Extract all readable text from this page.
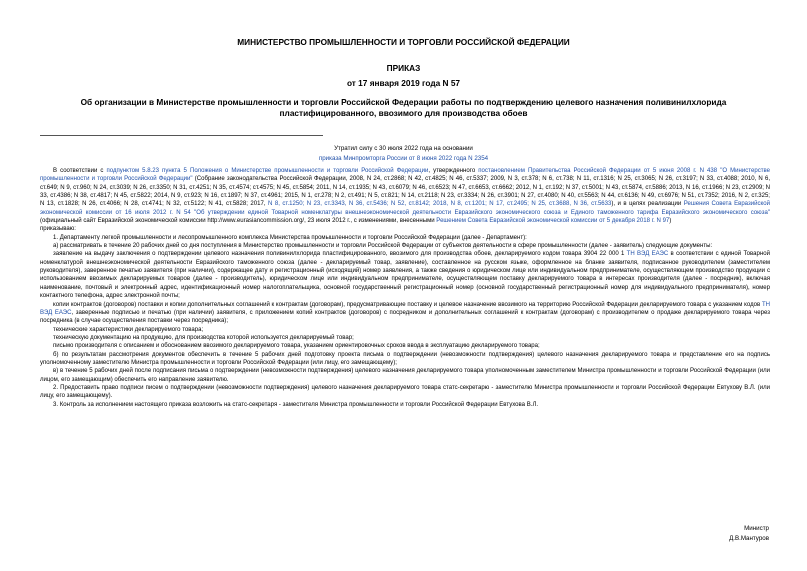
МИНИСТЕРСТВО ПРОМЫШЛЕННОСТИ И ТОРГОВЛИ РОССИЙСКОЙ ФЕДЕРАЦИИ
ПРИКАЗ
от 17 января 2019 года N 57
Об организации в Министерстве промышленности и торговли Российской Федерации работы по подтверждению целевого назначения поливинилхлорида пластифицированного, ввозимого для производства обоев
Утратил силу с 30 июля 2022 года на основании
приказа Минпромторга России от 8 июня 2022 года N 2354

В соответствии с подпунктом 5.8.23 пункта 5 Положения о Министерстве промышленности и торговли Российской Федерации, утвержденного постановлением Правительства Российской Федерации от 5 июня 2008 г. N 438 "О Министерстве промышленности и торговли Российской Федерации" (Собрание законодательства Российской Федерации, 2008, N 24, ст.2868; N 42, ст.4825; N 46, ст.5337; 2009, N 3, ст.378; N 6, ст.738; N 11, ст.1316; N 25, ст.3065; N 26, ст.3197; N 33, ст.4088; 2010, N 6, ст.649; N 9, ст.960; N 24, ст.3039; N 26, ст.3350; N 31, ст.4251; N 35, ст.4574; ст.4575; N 45, ст.5854; 2011, N 14, ст.1935; N 43, ст.6079; N 46, ст.6523; N 47, ст.6653, ст.6662; 2012, N 1, ст.192; N 37, ст.5001; N 43, ст.5874, ст.5886; 2013, N 16, ст.1966; N 23, ст.2909; N 33, ст.4386; N 38, ст.4817; N 45, ст.5822; 2014, N 9, ст.923; N 16, ст.1897; N 37, ст.4961; 2015, N 1, ст.278; N 2, ст.491; N 5, ст.821; N 14, ст.2118; N 23, ст.3334; N 26, ст.3901; N 27, ст.4080; N 40, ст.5563; N 44, ст.6136; N 49, ст.6976; N 51, ст.7352; 2016, N 2, ст.325; N 13, ст.1828; N 26, ст.4066; N 28, ст.4741; N 32, ст.5122; N 41, ст.5828; 2017, N 8, ст.1250; N 23, ст.3343, N 36, ст.5436; N 52, ст.8142; 2018, N 8, ст.1201; N 17, ст.2495; N 25, ст.3688, N 36, ст.5633), и в целях реализации Решения Совета Евразийской экономической комиссии от 16 июля 2012 г. N 54 "Об утверждении единой Товарной номенклатуры внешнеэкономической деятельности Евразийского экономического союза и Единого таможенного тарифа Евразийского экономического союза" (официальный сайт Евразийской экономической комиссии http://www.eurasiancommission.org/, 23 июля 2012 г., с изменениями, внесенными Решением Совета Евразийской экономической комиссии от 5 декабря 2018 г. N 97)

приказываю:

1. Департаменту легкой промышленности и лесопромышленного комплекса Министерства промышленности и торговли Российской Федерации (далее - Департамент):

а) рассматривать в течение 20 рабочих дней со дня поступления в Министерство промышленности и торговли Российской Федерации от субъектов деятельности в сфере промышленности (далее - заявитель) следующие документы:

заявление на выдачу заключения о подтверждении целевого назначения поливинилхлорида пластифицированного, ввозимого для производства обоев, декларируемого кодом товара 3904 22 000 1 ТН ВЭД ЕАЭС в соответствии с единой Товарной номенклатурой внешнеэкономической деятельности Евразийского таможенного союза (далее - декларируемый товар, заявление), составленное на русском языке, оформленное на бланке заявителя, подписанное руководителем (заместителем руководителя), заверенное печатью заявителя (при наличии), содержащее дату и регистрационный (исходящий) номер заявления, а также сведения о юридическом лице или индивидуальном предпринимателе, осуществляющем производство продукции с использованием ввозимых декларируемых товаров (далее - производитель), юридическом лице или индивидуальном предпринимателе, осуществляющем поставку декларируемого товара в интересах производителя (далее - посредник), включая наименование, почтовый и электронный адрес, идентификационный номер налогоплательщика, основной государственный регистрационный номер (основной государственный регистрационный номер для индивидуального предпринимателя), номер контактного телефона, адрес электронной почты;

копии контрактов (договоров) поставки и копии дополнительных соглашений к контрактам (договорам), предусматривающие поставку и целевое назначение ввозимого на территорию Российской Федерации декларируемого товара с указанием кодов ТН ВЭД ЕАЭС, заверенные подписью и печатью (при наличии) заявителя, с приложением копий контрактов (договоров) с посредником и дополнительных соглашений к контрактам (договорам) с производителем о продаже декларируемого товара через посредника (в случае осуществления поставки через посредника);

технические характеристики декларируемого товара;

техническую документацию на продукцию, для производства которой используется декларируемый товар;

письмо производителя с описанием и обоснованием ввозимого декларируемого товара, указанием ориентировочных сроков ввода в эксплуатацию декларируемого товара;

б) по результатам рассмотрения документов обеспечить в течение 5 рабочих дней подготовку проекта письма о подтверждении (невозможности подтверждения) целевого назначения декларируемого товара и представление его на подпись уполномоченному заместителю Министра промышленности и торговли Российской Федерации (или лицу, его замещающему);

в) в течение 5 рабочих дней после подписания письма о подтверждении (невозможности подтверждения) целевого назначения декларируемого товара уполномоченным заместителем Министра промышленности и торговли Российской Федерации (или лицом, его замещающим) обеспечить его направление заявителю.

2. Предоставить право подписи писем о подтверждении (невозможности подтверждения) целевого назначения декларируемого товара статс-секретарю - заместителю Министра промышленности и торговли Российской Федерации Евтухову В.Л. (или лицу, его замещающему).

3. Контроль за исполнением настоящего приказа возложить на статс-секретаря - заместителя Министра промышленности и торговли Российской Федерации Евтухова В.Л.

Министр
Д.В.Мантуров
